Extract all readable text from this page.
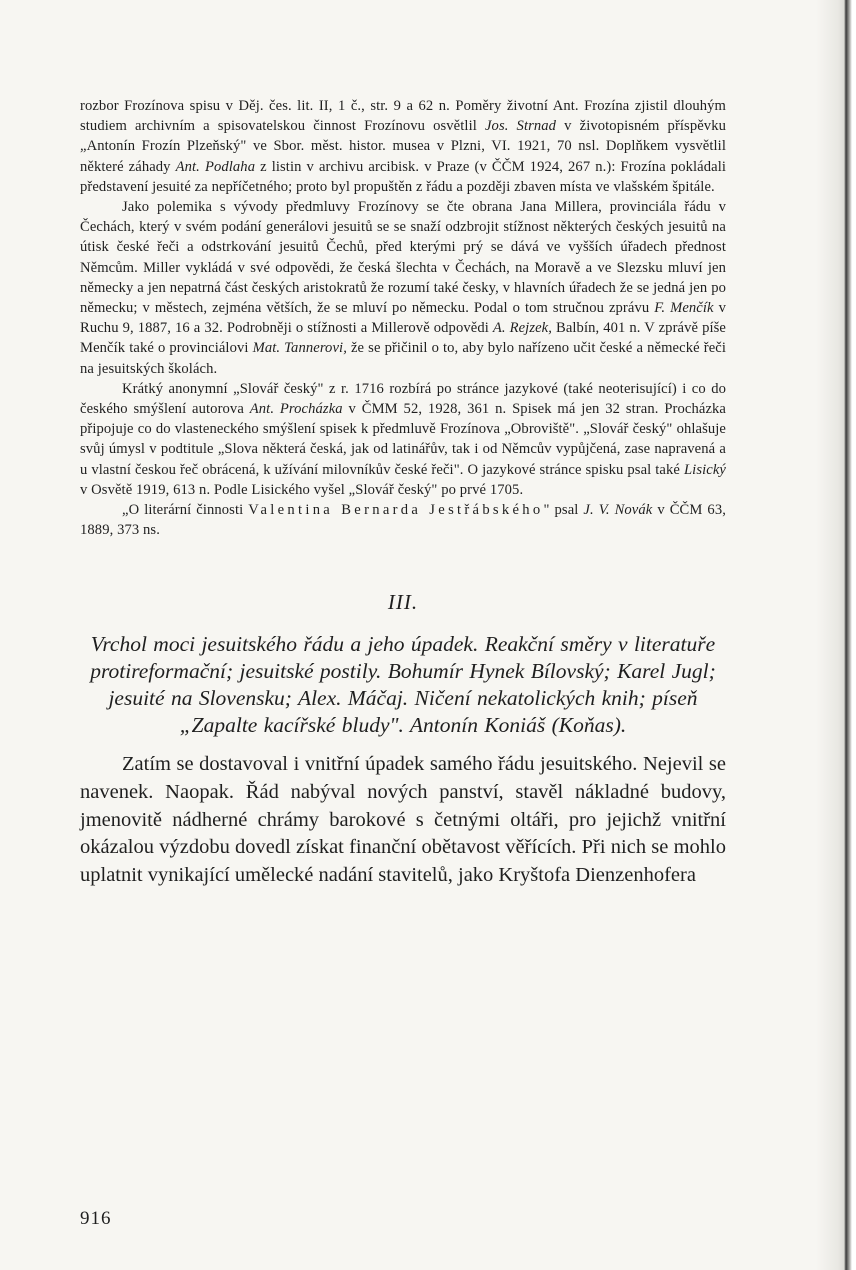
rozbor Frozínova spisu v Děj. čes. lit. II, 1 č., str. 9 a 62 n. Poměry životní Ant. Frozína zjistil dlouhým studiem archivním a spisovatelskou činnost Frozínovu osvětlil Jos. Strnad v životopisném příspěvku „Antonín Frozín Plzeňský" ve Sbor. měst. histor. musea v Plzni, VI. 1921, 70 nsl. Doplňkem vysvětlil některé záhady Ant. Podlaha z listin v archivu arcibisk. v Praze (v ČČM 1924, 267 n.): Frozína pokládali představení jesuité za nepříčetného; proto byl propuštěn z řádu a později zbaven místa ve vlašském špitále.

Jako polemika s vývody předmluvy Frozínovy se čte obrana Jana Millera, provinciála řádu v Čechách, který v svém podání generálovi jesuitů se se snaží odzbrojit stížnost některých českých jesuitů na útisk české řeči a odstrkování jesuitů Čechů, před kterými prý se dává ve vyšších úřadech přednost Němcům. Miller vykládá v své odpovědi, že česká šlechta v Čechách, na Moravě a ve Slezsku mluví jen německy a jen nepatrná část českých aristokratů že rozumí také česky, v hlavních úřadech že se jedná jen po německu; v městech, zejména větších, že se mluví po německu. Podal o tom stručnou zprávu F. Menčík v Ruchu 9, 1887, 16 a 32. Podrobněji o stížnosti a Millerově odpovědi A. Rejzek, Balbín, 401 n. V zprávě píše Menčík také o provinciálovi Mat. Tannerovi, že se přičinil o to, aby bylo nařízeno učit české a německé řeči na jesuitských školách.

Krátký anonymní „Slovář český" z r. 1716 rozbírá po stránce jazykové (také neoterisující) i co do českého smýšlení autorova Ant. Procházka v ČMM 52, 1928, 361 n. Spisek má jen 32 stran. Procházka připojuje co do vlasteneckého smýšlení spisek k předmluvě Frozínova „Obroviště". „Slovář český" ohlašuje svůj úmysl v podtitule „Slova některá česká, jak od latinářův, tak i od Němcův vypůjčená, zase napravená a u vlastní českou řeč obrácená, k užívání milovníkův české řeči". O jazykové stránce spisku psal také Lisický v Osvětě 1919, 613 n. Podle Lisického vyšel „Slovář český" po prvé 1705.

„O literární činnosti Valentina Bernarda Jestřábského" psal J. V. Novák v ČČM 63, 1889, 373 ns.

III.
Vrchol moci jesuitského řádu a jeho úpadek. Reakční směry v literatuře protireformační; jesuitské postily. Bohumír Hynek Bílovský; Karel Jugl; jesuité na Slovensku; Alex. Máčaj. Ničení nekatolických knih; píseň „Zapalte kacířské bludy". Antonín Koniáš (Koňas).

Zatím se dostavoval i vnitřní úpadek samého řádu jesuitského. Nejevil se navenek. Naopak. Řád nabýval nových panství, stavěl nákladné budovy, jmenovitě nádherné chrámy barokové s četnými oltáři, pro jejichž vnitřní okázalou výzdobu dovedl získat finanční obětavost věřících. Při nich se mohlo uplatnit vynikající umělecké nadání stavitelů, jako Kryštofa Dienzenhofera

916
